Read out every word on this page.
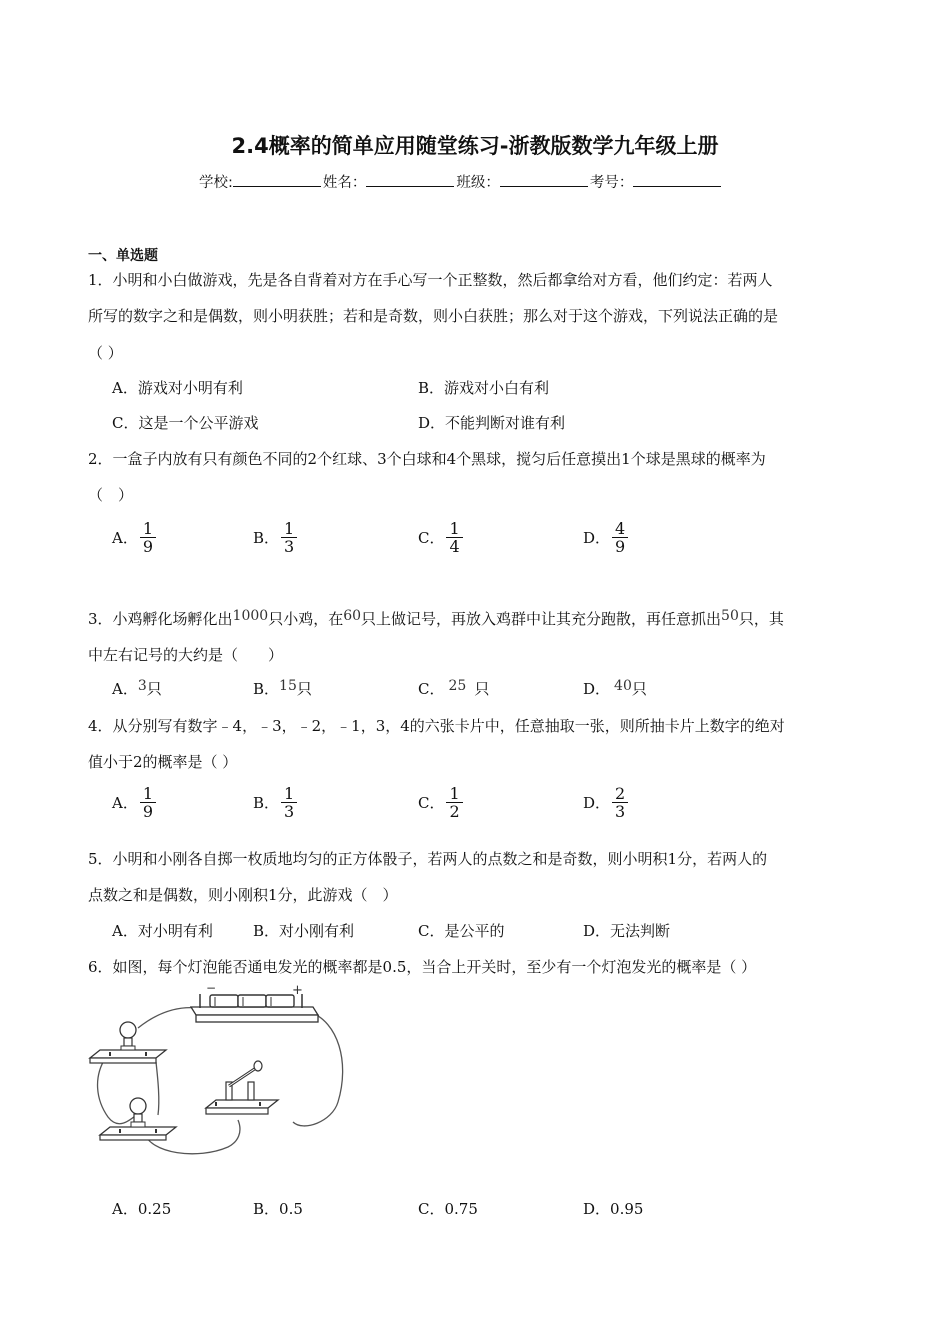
2.4概率的简单应用随堂练习-浙教版数学九年级上册
学校:	姓名：	班级：	考号：
一、单选题
1．小明和小白做游戏，先是各自背着对方在手心写一个正整数，然后都拿给对方看，他们约定：若两人
所写的数字之和是偶数，则小明获胜；若和是奇数，则小白获胜；那么对于这个游戏，下列说法正确的是
（ ）
A．游戏对小明有利	B．游戏对小白有利
C．这是一个公平游戏	D．不能判断对谁有利
2．一盒子内放有只有颜色不同的2个红球、3个白球和4个黑球，搅匀后任意摸出1个球是黑球的概率为
（　）
A． $\frac{1}{9}$	B． $\frac{1}{3}$	C． $\frac{1}{4}$	D． $\frac{4}{9}$
3．小鸡孵化场孵化出1000只小鸡，在60只上做记号，再放入鸡群中让其充分跑散，再任意抓出50只，其
中左右记号的大约是（　　）
A．3只	B．15只	C． 25 只	D． 40只
4．从分别写有数字﹣4，﹣3，﹣2，﹣1，3，4的六张卡片中，任意抽取一张，则所抽卡片上数字的绝对
值小于2的概率是（ ）
A． $\frac{1}{9}$	B． $\frac{1}{3}$	C． $\frac{1}{2}$	D． $\frac{2}{3}$
5．小明和小刚各自掷一枚质地均匀的正方体骰子，若两人的点数之和是奇数，则小明积1分，若两人的
点数之和是偶数，则小刚积1分，此游戏（　）
A．对小明有利	B．对小刚有利	C．是公平的	D．无法判断
6．如图，每个灯泡能否通电发光的概率都是0.5，当合上开关时，至少有一个灯泡发光的概率是（ ）
−	+
A．0.25	B．0.5	C．0.75	D．0.95
